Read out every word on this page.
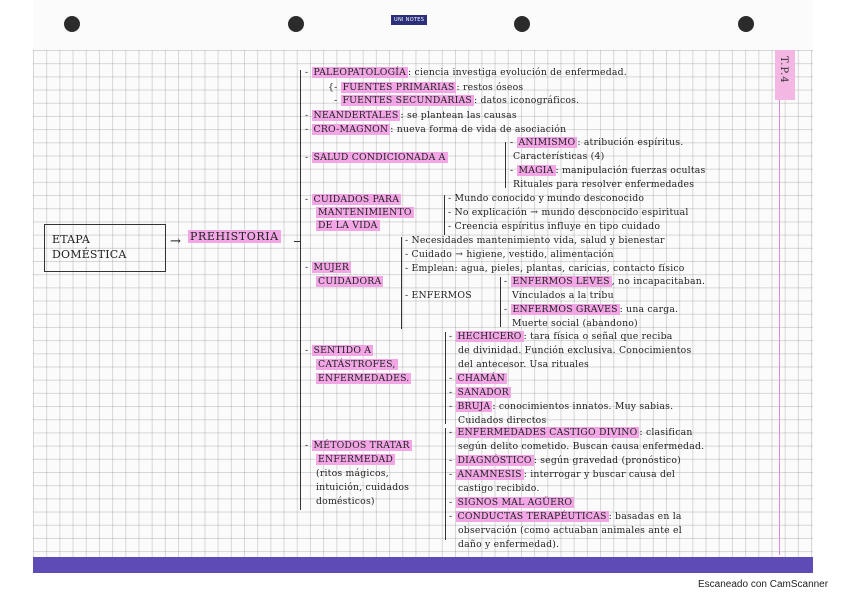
UNI NOTES
T.P.4
Escaneado con CamScanner
ETAPA
DOMÉSTICA
→ PREHISTORIA
- PALEOPATOLOGÍA : ciencia investiga evolución de enfermedad.
{- FUENTES PRIMARIAS : restos óseos
- FUENTES SECUNDARIAS : datos iconográficos.
- NEANDERTALES : se plantean las causas
- CRO-MAGNON : nueva forma de vida de asociación
- SALUD CONDICIONADA A
- ANIMISMO : atribución espíritus.
Características (4)
- MAGIA : manipulación fuerzas ocultas
Rituales para resolver enfermedades
- CUIDADOS PARA
MANTENIMIENTO
DE LA VIDA
- Mundo conocido y mundo desconocido
- No explicación → mundo desconocido espiritual
- Creencia espíritus influye en tipo cuidado
- MUJER
CUIDADORA
- Necesidades mantenimiento vida, salud y bienestar
- Cuidado → higiene, vestido, alimentación
- Emplean: agua, pieles, plantas, caricias, contacto físico
- ENFERMOS
- ENFERMOS LEVES , no incapacitaban.
Vinculados a la tribu
- ENFERMOS GRAVES : una carga.
Muerte social (abandono)
- SENTIDO A
CATÁSTROFES,
ENFERMEDADES.
- HECHICERO : tara física o señal que reciba
de divinidad. Función exclusiva. Conocimientos
del antecesor. Usa rituales
- CHAMÁN
- SANADOR
- BRUJA : conocimientos innatos. Muy sabias.
Cuidados directos
- MÉTODOS TRATAR
ENFERMEDAD
(ritos mágicos,
intuición, cuidados
domésticos)
- ENFERMEDADES CASTIGO DIVINO : clasifican
según delito cometido. Buscan causa enfermedad.
- DIAGNÓSTICO : según gravedad (pronóstico)
- ANAMNESIS : interrogar y buscar causa del
castigo recibido.
- SIGNOS MAL AGÜERO
- CONDUCTAS TERAPÉUTICAS : basadas en la
observación (como actuaban animales ante el
daño y enfermedad).
